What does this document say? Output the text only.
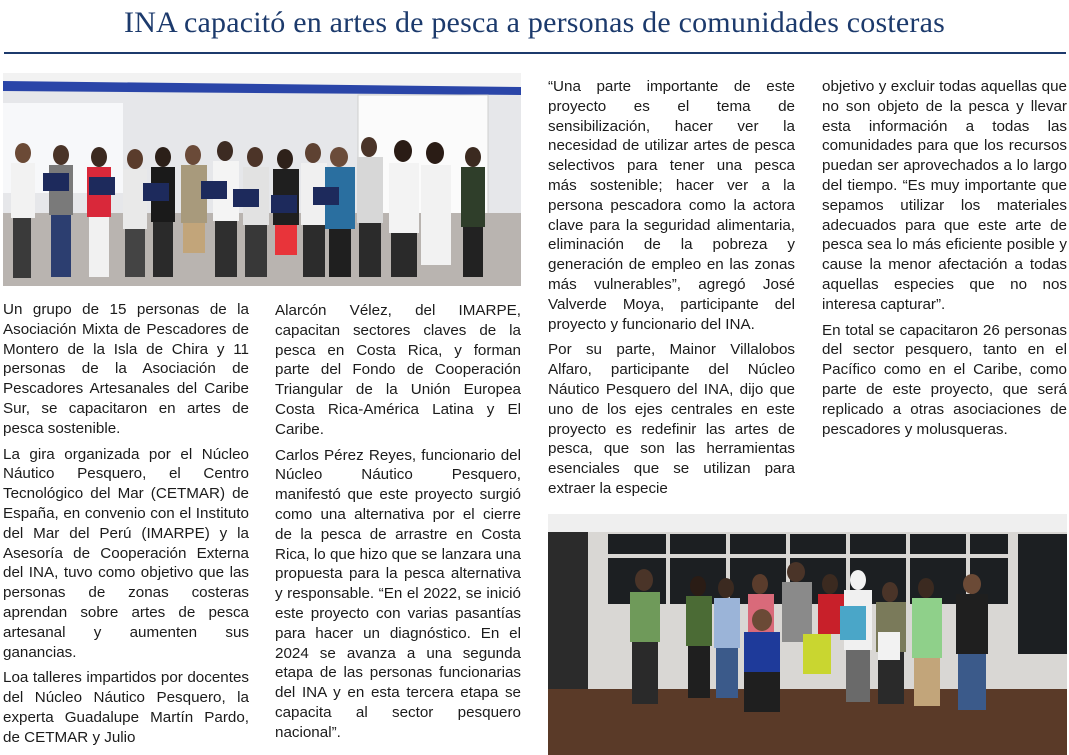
INA capacitó en artes de pesca a personas de comunidades costeras

Un grupo de 15 personas de la Asociación Mixta de Pescadores de Montero de la Isla de Chira y 11 personas de la Asociación de Pescadores Artesanales del Caribe Sur, se capacitaron en artes de pesca sostenible.

La gira organizada por el Núcleo Náutico Pesquero, el Centro Tecnológico del Mar (CETMAR) de España, en convenio con el Instituto del Mar del Perú (IMARPE) y la Asesoría de Cooperación Externa del INA, tuvo como objetivo que las personas de zonas costeras aprendan sobre artes de pesca artesanal y aumenten sus ganancias.

Loa talleres impartidos por docentes del Núcleo Náutico Pesquero, la experta Guadalupe Martín Pardo, de CETMAR y Julio

Alarcón Vélez, del IMARPE, capacitan sectores claves de la pesca en Costa Rica, y forman parte del Fondo de Cooperación Triangular de la Unión Europea Costa Rica-América Latina y El Caribe.

Carlos Pérez Reyes, funcionario del Núcleo Náutico Pesquero, manifestó que este proyecto surgió como una alternativa por el cierre de la pesca de arrastre en Costa Rica, lo que hizo que se lanzara una propuesta para la pesca alternativa y responsable. “En el 2022, se inició este proyecto con varias pasantías para hacer un diagnóstico. En el 2024 se avanza a una segunda etapa de las personas funcionarias del INA y en esta tercera etapa se capacita al sector pesquero nacional”.

“Una parte importante de este proyecto es el tema de sensibilización, hacer ver la necesidad de utilizar artes de pesca selectivos para tener una pesca más sostenible; hacer ver a la persona pescadora como la actora clave para la seguridad alimentaria, eliminación de la pobreza y generación de empleo en las zonas más vulnerables”, agregó José Valverde Moya, participante del proyecto y funcionario del INA.

Por su parte, Mainor Villalobos Alfaro, participante del Núcleo Náutico Pesquero del INA, dijo que uno de los ejes centrales en este proyecto es redefinir las artes de pesca, que son las herramientas esenciales que se utilizan para extraer la especie

objetivo y excluir todas aquellas que no son objeto de la pesca y llevar esta información a todas las comunidades para que los recursos puedan ser aprovechados a lo largo del tiempo. “Es muy importante que sepamos utilizar los materiales adecuados para que este arte de pesca sea lo más eficiente posible y cause la menor afectación a todas aquellas especies que no nos interesa capturar”.

En total se capacitaron 26 personas del sector pesquero, tanto en el Pacífico como en el Caribe, como parte de este proyecto, que será replicado a otras asociaciones de pescadores y molusqueras.
